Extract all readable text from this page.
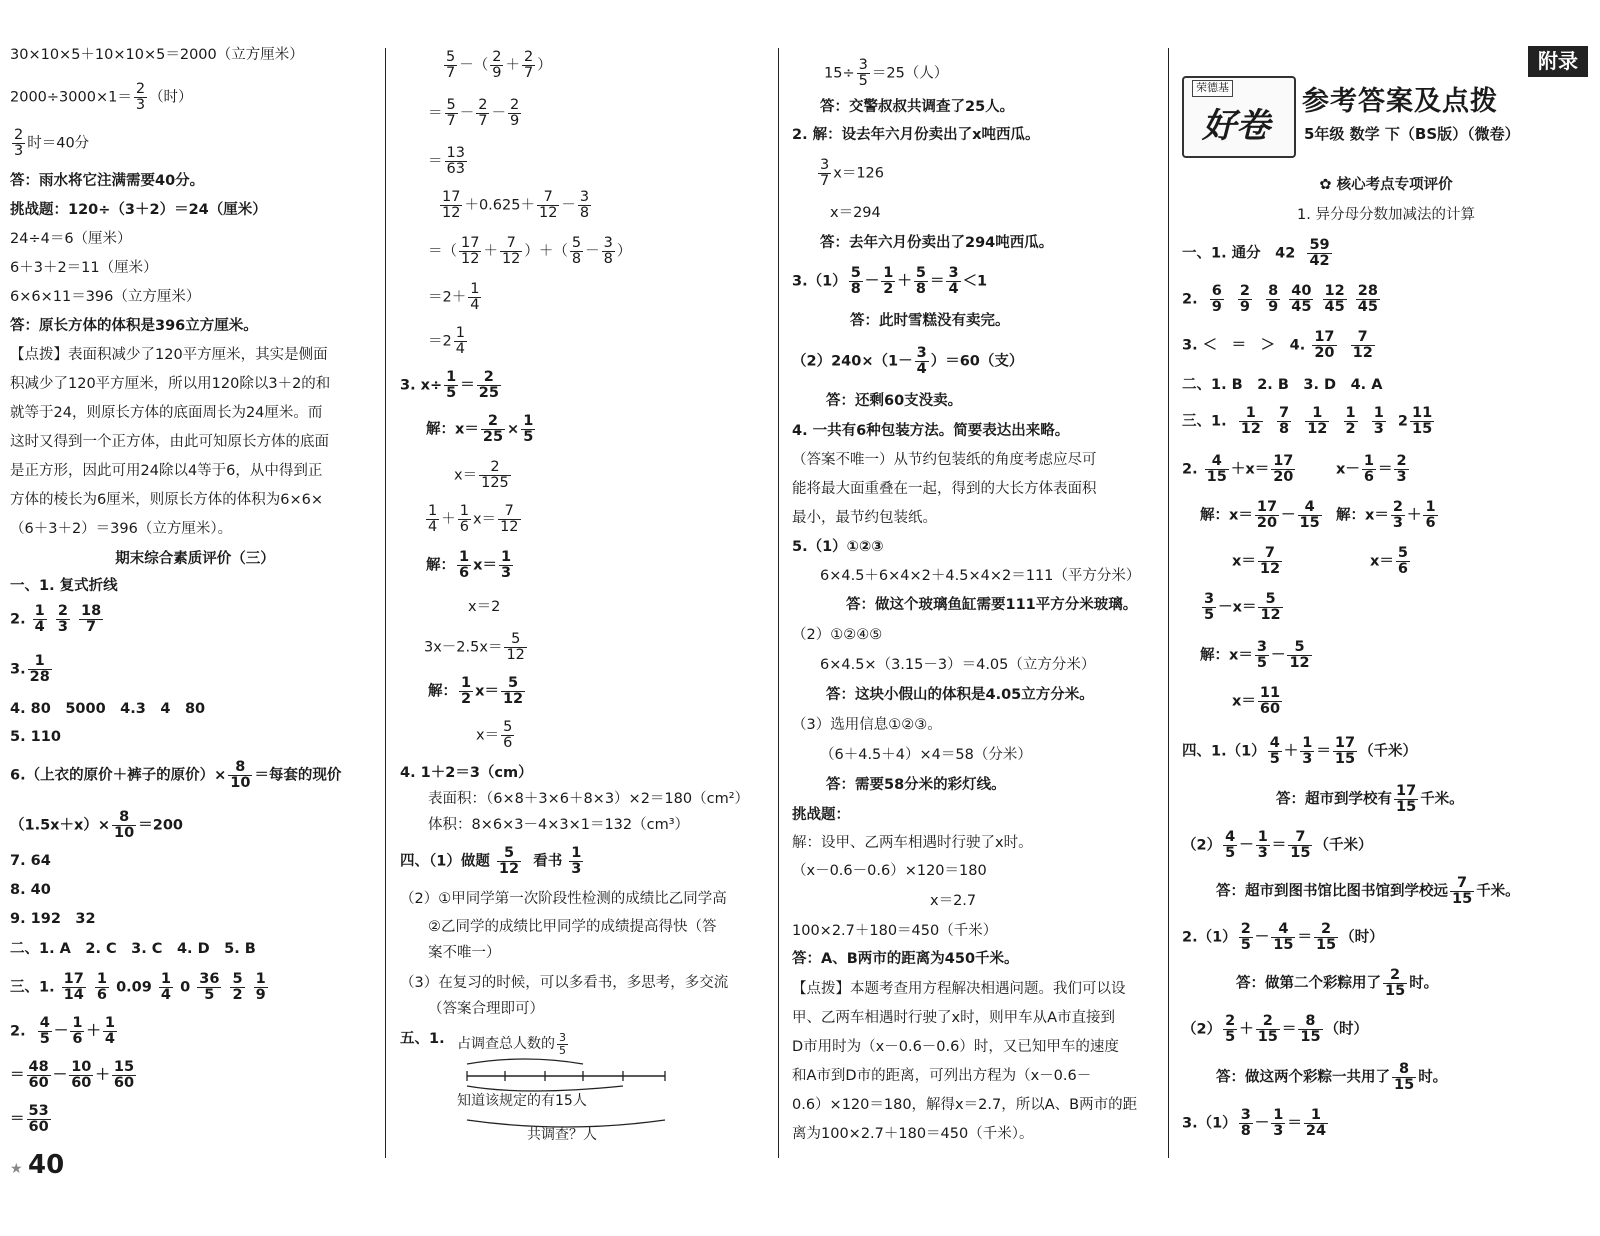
30×10×5＋10×10×5＝2000（立方厘米）
$2000\div 3000\times 1= \frac{2}{3}$ （时）
$\frac{2}{3}$ 时＝40分
答：雨水将它注满需要40分。
挑战题：120÷（3＋2）＝24（厘米）
24÷4＝6（厘米）
6＋3＋2＝11（厘米）
6×6×11＝396（立方厘米）
答：原长方体的体积是396立方厘米。
【点拨】表面积减少了120平方厘米，其实是侧面
积减少了120平方厘米，所以用120除以3＋2的和
就等于24，则原长方体的底面周长为24厘米。而
这时又得到一个正方体，由此可知原长方体的底面
是正方形，因此可用24除以4等于6，从中得到正
方体的棱长为6厘米，则原长方体的体积为6×6×
（6＋3＋2）＝396（立方厘米）。
期末综合素质评价（三）
一、1. 复式折线
2. $\frac{1}{4}$
$\frac{2}{3}$
$\frac{18}{7}$
3. $\frac{1}{28}$
4. 80　5000　4.3　4　80
5. 110
6.（上衣的原价＋裤子的原价）× $\frac{8}{10}$ ＝每套的现价
$(1.5x+x)\times \frac{8}{10} =200$
7. 64
8. 40
9. 192　32
二、1. A　2. C　3. C　4. D　5. B
三、1. $\frac{17}{14}$
$\frac{1}{6} 0.09 \frac{1}{4} 0 \frac{36}{5}$
$\frac{5}{2}$
$\frac{1}{9}$
2. $\frac{4}{5} - \frac{1}{6} + \frac{1}{4}$
＝ $\frac{48}{60} - \frac{10}{60} + \frac{15}{60}$
＝ $\frac{53}{60}$
★ 40
$\frac{5}{7}$ －（ $\frac{2}{9} + \frac{2}{7}$ ）
＝ $\frac{5}{7} - \frac{2}{7} - \frac{2}{9}$
＝ $\frac{13}{63}$
$\frac{17}{12} +0.625+ \frac{7}{12} - \frac{3}{8}$
＝（ $\frac{17}{12} + \frac{7}{12}$ ）＋（ $\frac{5}{8} - \frac{3}{8}$ ）
$=2+ \frac{1}{4}$
$=2 \frac{1}{4}$
3. $x\div \frac{1}{5} = \frac{2}{25}$
解：$x= \frac{2}{25} \times \frac{1}{5}$
$x= \frac{2}{125}$
$\frac{1}{4} + \frac{1}{6} x= \frac{7}{12}$
解： $\frac{1}{6} x= \frac{1}{3}$
x＝2
$3x-2.5x= \frac{5}{12}$
解： $\frac{1}{2} x= \frac{5}{12}$
$x= \frac{5}{6}$
4. 1＋2＝3（cm）
表面积：（6×8＋3×6＋8×3）×2＝180（cm²）
体积：8×6×3－4×3×1＝132（cm³）
四、（1）做题 $\frac{5}{12}$ 看书 $\frac{1}{3}$
（2）①甲同学第一次阶段性检测的成绩比乙同学高
②乙同学的成绩比甲同学的成绩提高得快（答
案不唯一）
（3）在复习的时候，可以多看书，多思考，多交流
（答案合理即可）
五、1. 占调查总人数的 $\frac{3}{5}$
知道该规定的有15人
共调查？人
$15\div \frac{3}{5} =25$（人）
答：交警叔叔共调查了25人。
2. 解：设去年六月份卖出了x吨西瓜。
$\frac{3}{7} x=126$
x＝294
答：去年六月份卖出了294吨西瓜。
$3.(1) \frac{5}{8} - \frac{1}{2} + \frac{5}{8} = \frac{3}{4} <1$
答：此时雪糕没有卖完。
$(2)240\times(1- \frac{3}{4} )=60$（支）
答：还剩60支没卖。
4. 一共有6种包装方法。简要表达出来略。
（答案不唯一）从节约包装纸的角度考虑应尽可
能将最大面重叠在一起，得到的大长方体表面积
最小，最节约包装纸。
5.（1）①②③
6×4.5＋6×4×2＋4.5×4×2＝111（平方分米）
答：做这个玻璃鱼缸需要111平方分米玻璃。
（2）①②④⑤
6×4.5×（3.15－3）＝4.05（立方分米）
答：这块小假山的体积是4.05立方分米。
（3）选用信息①②③。
（6＋4.5＋4）×4＝58（分米）
答：需要58分米的彩灯线。
挑战题：
解：设甲、乙两车相遇时行驶了x时。
（x－0.6－0.6）×120＝180
x＝2.7
100×2.7＋180＝450（千米）
答：A、B两市的距离为450千米。
【点拨】本题考查用方程解决相遇问题。我们可以设
甲、乙两车相遇时行驶了x时，则甲车从A市直接到
D市用时为（x－0.6－0.6）时，又已知甲车的速度
和A市到D市的距离，可列出方程为（x－0.6－
0.6）×120＝180，解得x＝2.7，所以A、B两市的距
离为100×2.7＋180＝450（千米）。
荣德基
好卷
附录
参考答案及点拨
5年级 数学 下（BS版）（微卷）
✿ 核心考点专项评价
1. 异分母分数加减法的计算
一、1. 通分　$42 \frac{59}{42}$
2. $\frac{6}{9}$
$\frac{2}{9}$
$\frac{8}{9}$
$\frac{40}{45}$
$\frac{12}{45}$
$\frac{28}{45}$
3. ＜　＝　＞　4. $\frac{17}{20}$
$\frac{7}{12}$
二、1. B　2. B　3. D　4. A
三、1. $\frac{1}{12}$
$\frac{7}{8}$
$\frac{1}{12}$
$\frac{1}{2}$
$\frac{1}{3} 2 \frac{11}{15}$
2. $\frac{4}{15} +x= \frac{17}{20}$	$x- \frac{1}{6} = \frac{2}{3}$
解：$x= \frac{17}{20} - \frac{4}{15}$ 解：$x= \frac{2}{3} + \frac{1}{6}$
$x= \frac{7}{12}$	$x= \frac{5}{6}$
$\frac{3}{5} -x= \frac{5}{12}$
解：$x= \frac{3}{5} - \frac{5}{12}$
$x= \frac{11}{60}$
四、$1.(1) \frac{4}{5} + \frac{1}{3} = \frac{17}{15}$ （千米）
答：超市到学校有 $\frac{17}{15}$ 千米。
$(2) \frac{4}{5} - \frac{1}{3} = \frac{7}{15}$ （千米）
答：超市到图书馆比图书馆到学校远 $\frac{7}{15}$ 千米。
$2.(1) \frac{2}{5} - \frac{4}{15} = \frac{2}{15}$ （时）
答：做第二个彩粽用了 $\frac{2}{15}$ 时。
$(2) \frac{2}{5} + \frac{2}{15} = \frac{8}{15}$ （时）
答：做这两个彩粽一共用了 $\frac{8}{15}$ 时。
$3.(1) \frac{3}{8} - \frac{1}{3} = \frac{1}{24}$
